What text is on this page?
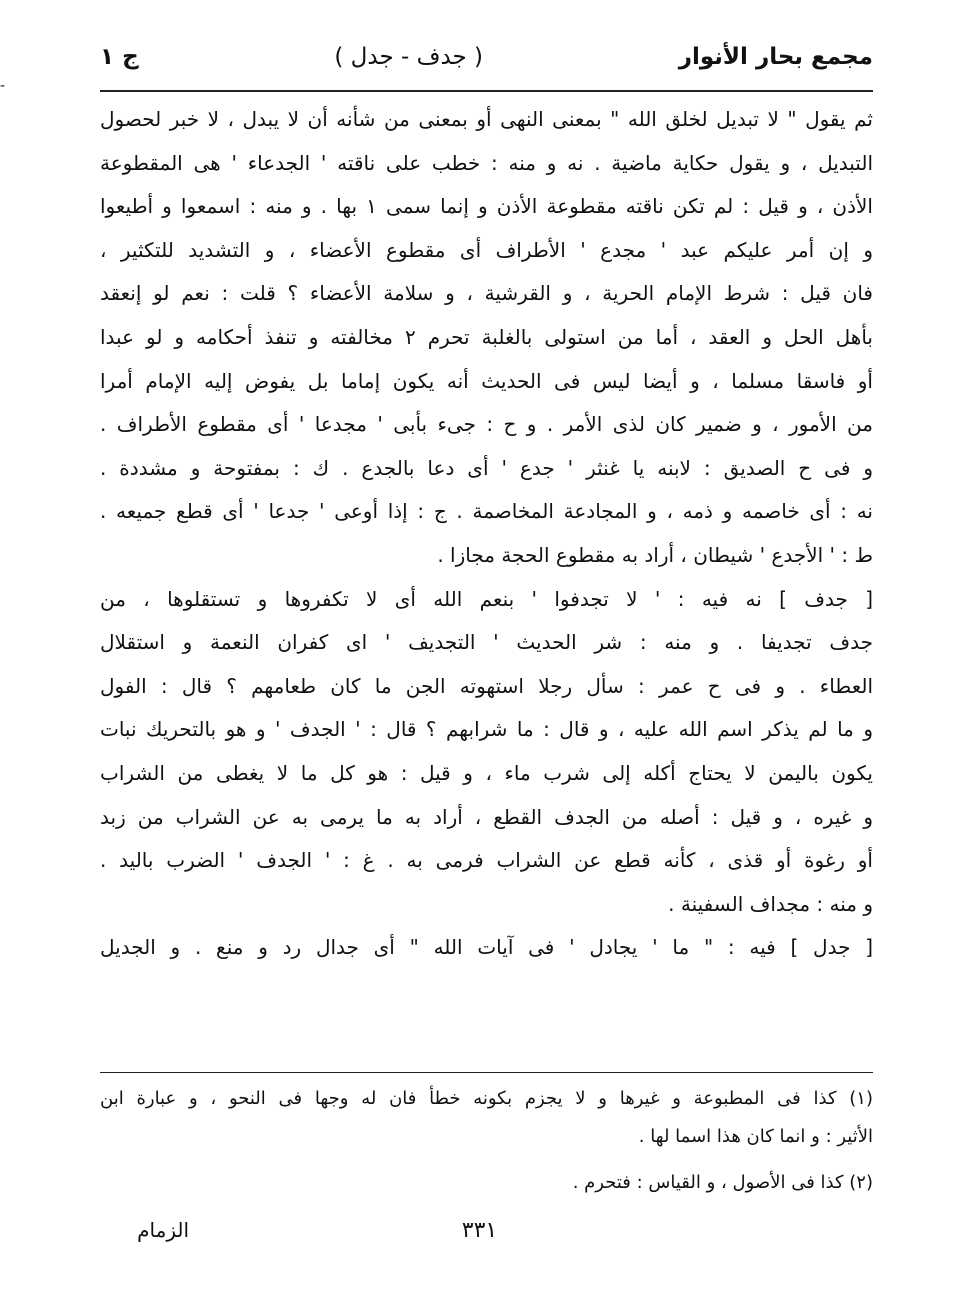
-
مجمع بحار الأنوار
( جدف - جدل )
ج ١
ثم يقول " لا تبديل لخلق الله " بمعنى النهى أو بمعنى من شأنه أن لا يبدل ، لا خبر لحصول
التبديل ، و يقول حكاية ماضية . نه و منه : خطب على ناقته ' الجدعاء ' هى المقطوعة
الأذن ، و قيل : لم تكن ناقته مقطوعة الأذن و إنما سمى ١ بها . و منه : اسمعوا و أطيعوا
و إن أمر عليكم عبد ' مجدع ' الأطراف أى مقطوع الأعضاء ، و التشديد للتكثير ،
فان قيل : شرط الإمام الحرية ، و القرشية ، و سلامة الأعضاء ؟ قلت : نعم لو إنعقد
بأهل الحل و العقد ، أما من استولى بالغلبة تحرم ٢ مخالفته و تنفذ أحكامه و لو عبدا
أو فاسقا مسلما ، و أيضا ليس فى الحديث أنه يكون إماما بل يفوض إليه الإمام أمرا
من الأمور ، و ضمير كان لذى الأمر . و ح : جىء بأبى ' مجدعا ' أى مقطوع الأطراف .
و فى ح الصديق : لابنه يا غنثر ' جدع ' أى دعا بالجدع . ك : بمفتوحة و مشددة .
نه : أى خاصمه و ذمه ، و المجادعة المخاصمة . ج : إذا أوعى ' جدعا ' أى قطع جميعه .
ط : ' الأجدع ' شيطان ، أراد به مقطوع الحجة مجازا .
[ جدف ] نه فيه : ' لا تجدفوا ' بنعم الله أى لا تكفروها و تستقلوها ، من
جدف تجديفا . و منه : شر الحديث ' التجديف ' اى كفران النعمة و استقلال
العطاء . و فى ح عمر : سأل رجلا استهوته الجن ما كان طعامهم ؟ قال : الفول
و ما لم يذكر اسم الله عليه ، و قال : ما شرابهم ؟ قال : ' الجدف ' و هو بالتحريك نبات
يكون باليمن لا يحتاج أكله إلى شرب ماء ، و قيل : هو كل ما لا يغطى من الشراب
و غيره ، و قيل : أصله من الجدف القطع ، أراد به ما يرمى به عن الشراب من زبد
أو رغوة أو قذى ، كأنه قطع عن الشراب فرمى به . غ : ' الجدف ' الضرب باليد .
و منه : مجداف السفينة .
[ جدل ] فيه : " ما ' يجادل ' فى آيات الله " أى جدال رد و منع . و الجديل
(١) كذا فى المطبوعة و غيرها و لا يجزم بكونه خطأ فان له وجها فى النحو ، و عبارة ابن
الأثير : و انما كان هذا اسما لها .
(٢) كذا فى الأصول ، و القياس : فتحرم .
٣٣١
الزمام
